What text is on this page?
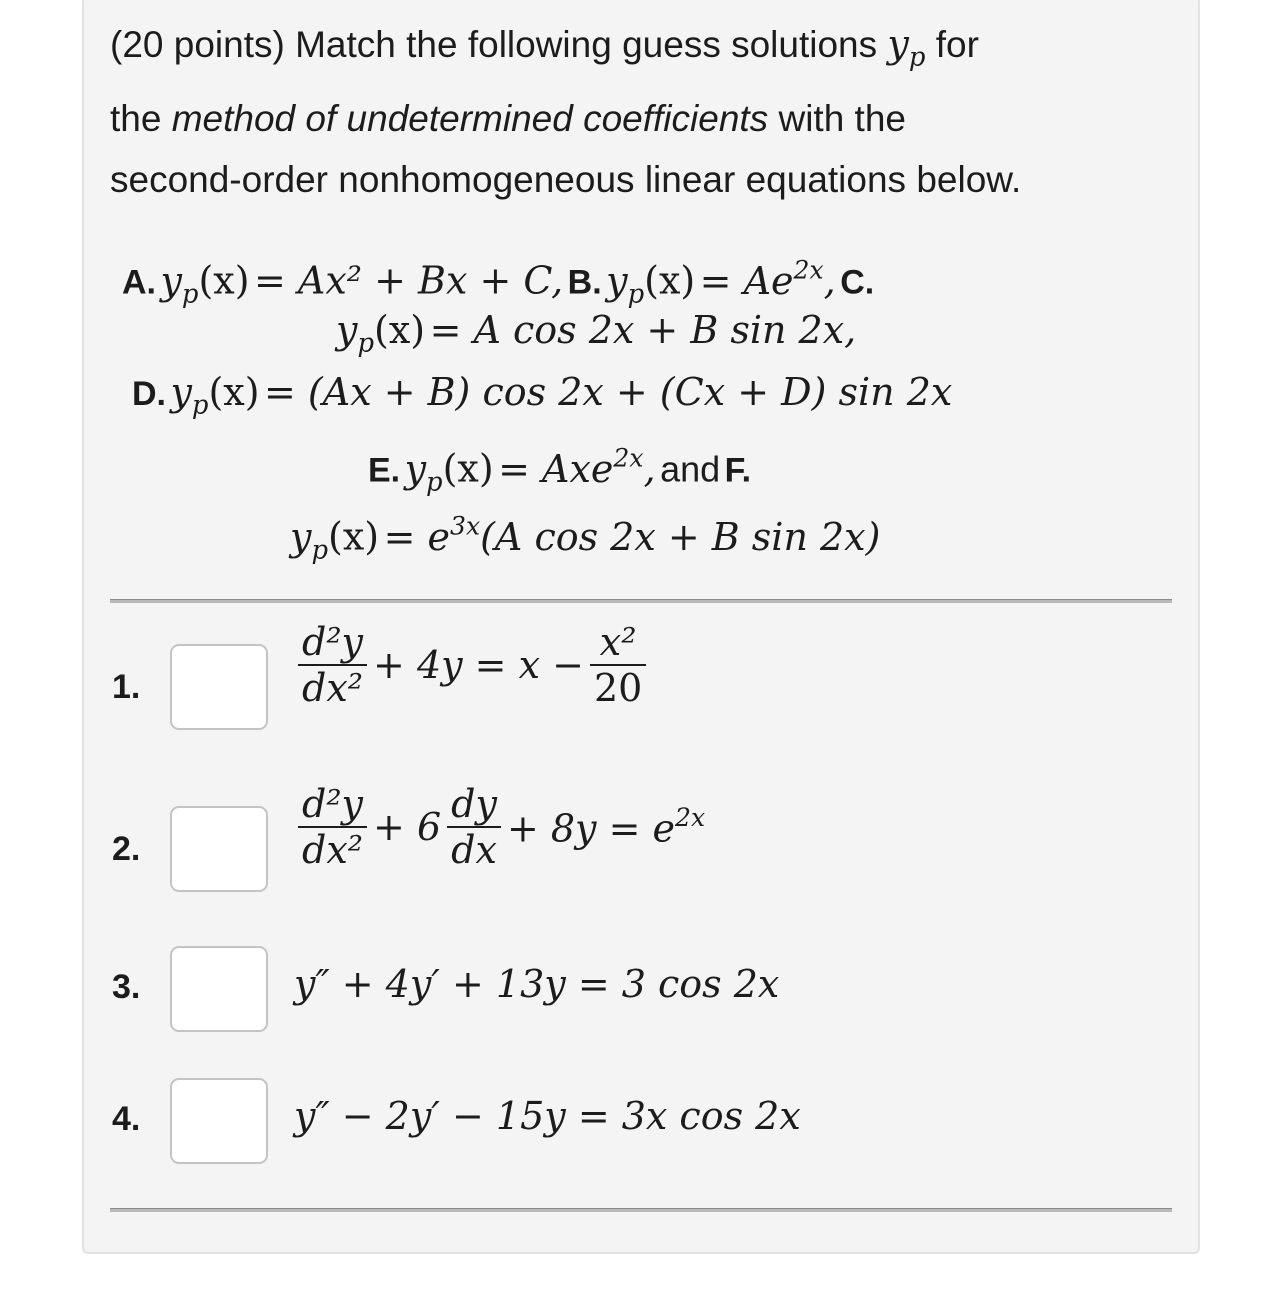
(20 points) Match the following guess solutions $y_p$ for
the method of undetermined coefficients with the
second-order nonhomogeneous linear equations below.
A. $y_p(x) = Ax^2 + Bx + C$, B. $y_p(x) = Ae^{2x}$, C.
$y_p(x) = A$ cos 2x + B sin 2x,
D. $y_p(x) = (Ax + B)$ cos 2x + (Cx + D) sin 2x
E. $y_p(x) = Axe^{2x}$, and F.
$y_p(x) = e^{3x}(A$ cos 2x + B sin 2x)
1.	$\frac{\text{d²y}}{\text{dx²}} + 4y = x - \frac{\text{x²}}{20}$
2.	$\frac{\text{d²y}}{\text{dx²}} + 6 \frac{dy}{dx} + 8y = e^{2x}$
3.	y″ + 4y′ + 13y = 3 cos 2x
4.	y″ − 2y′ − 15y = 3x cos 2x
